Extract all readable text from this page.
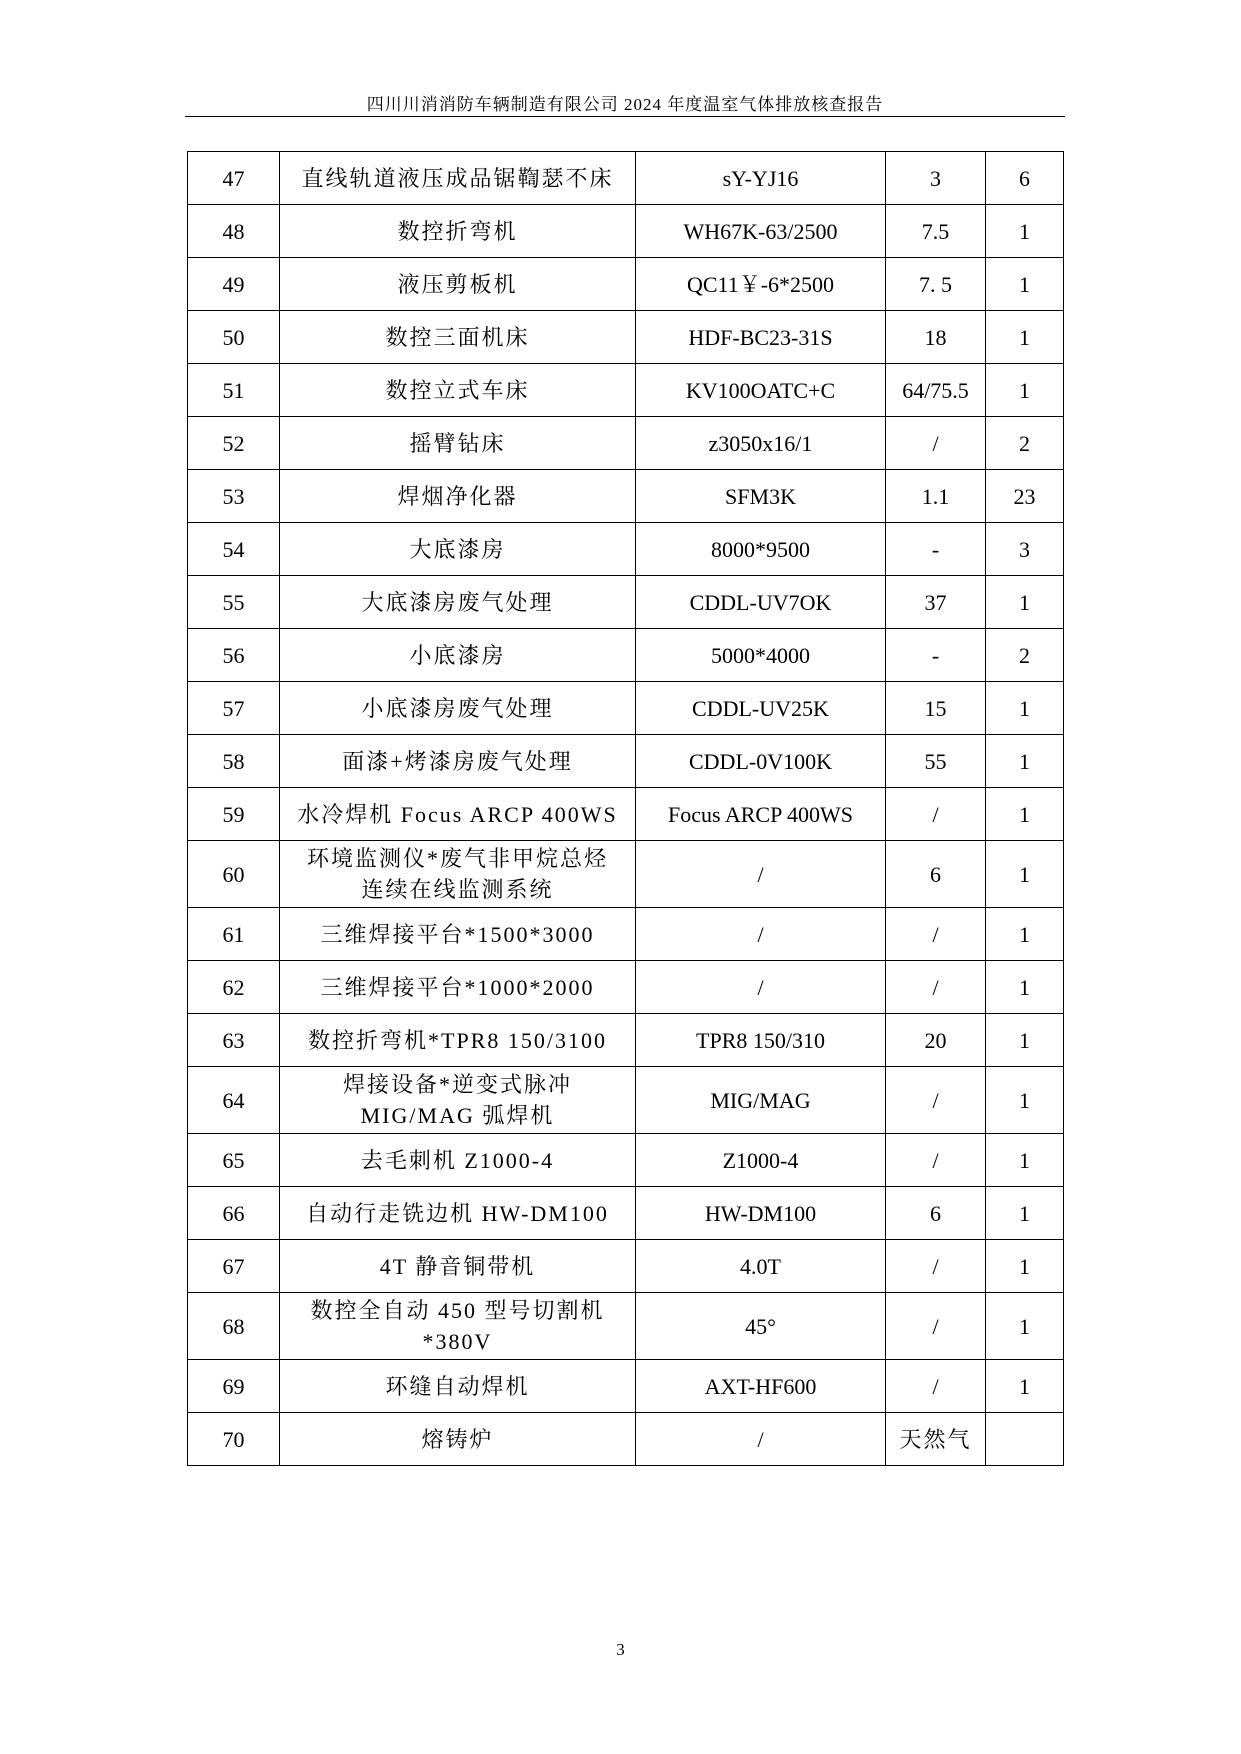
四川川消消防车辆制造有限公司 2024 年度温室气体排放核查报告
47	直线轨道液压成品锯鞫瑟不床	sY-YJ16	3	6
48	数控折弯机	WH67K-63/2500	7.5	1
49	液压剪板机	QC11￥-6*2500	7. 5	1
50	数控三面机床	HDF-BC23-31S	18	1
51	数控立式车床	KV100OATC+C	64/75.5	1
52	摇臂钻床	z3050x16/1	/	2
53	焊烟净化器	SFM3K	1.1	23
54	大底漆房	8000*9500	-	3
55	大底漆房废气处理	CDDL-UV7OK	37	1
56	小底漆房	5000*4000	-	2
57	小底漆房废气处理	CDDL-UV25K	15	1
58	面漆+烤漆房废气处理	CDDL-0V100K	55	1
59	水冷焊机 Focus ARCP 400WS	Focus ARCP 400WS	/	1
60	环境监测仪*废气非甲烷总烃
连续在线监测系统	/	6	1
61	三维焊接平台*1500*3000	/	/	1
62	三维焊接平台*1000*2000	/	/	1
63	数控折弯机*TPR8 150/3100	TPR8 150/310	20	1
64	焊接设备*逆变式脉冲
MIG/MAG 弧焊机	MIG/MAG	/	1
65	去毛刺机 Z1000-4	Z1000-4	/	1
66	自动行走铣边机 HW-DM100	HW-DM100	6	1
67	4T 静音铜带机	4.0T	/	1
68	数控全自动 450 型号切割机
*380V	45°	/	1
69	环缝自动焊机	AXT-HF600	/	1
70	熔铸炉	/	天然气	
3
